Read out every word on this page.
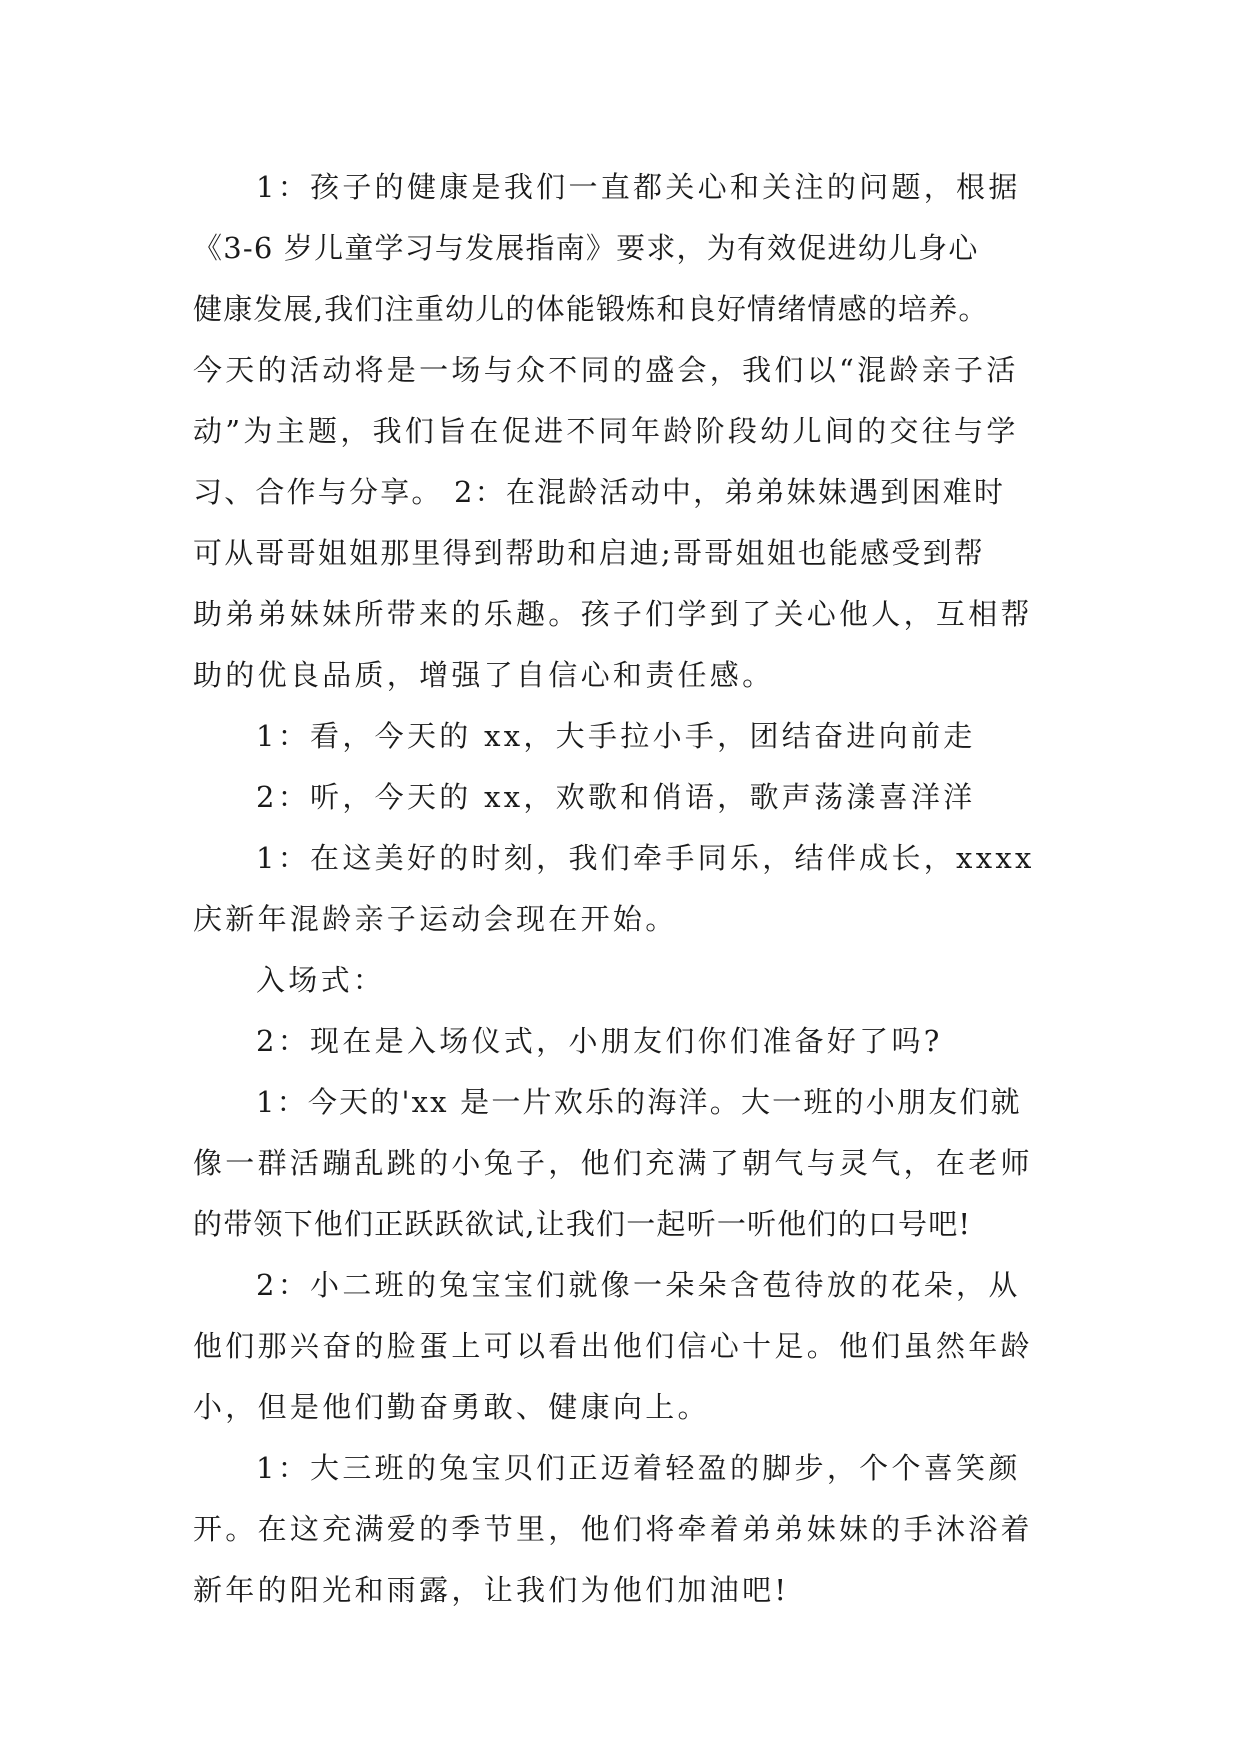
1：孩子的健康是我们一直都关心和关注的问题，根据
《3-6 岁儿童学习与发展指南》要求，为有效促进幼儿身心
健康发展,我们注重幼儿的体能锻炼和良好情绪情感的培养。
今天的活动将是一场与众不同的盛会，我们以“混龄亲子活
动”为主题，我们旨在促进不同年龄阶段幼儿间的交往与学
习、合作与分享。 2：在混龄活动中，弟弟妹妹遇到困难时
可从哥哥姐姐那里得到帮助和启迪;哥哥姐姐也能感受到帮
助弟弟妹妹所带来的乐趣。孩子们学到了关心他人，互相帮
助的优良品质，增强了自信心和责任感。
1：看，今天的 xx，大手拉小手，团结奋进向前走
2：听，今天的 xx，欢歌和俏语，歌声荡漾喜洋洋
1：在这美好的时刻，我们牵手同乐，结伴成长，xxxx
庆新年混龄亲子运动会现在开始。
入场式：
2：现在是入场仪式，小朋友们你们准备好了吗?
1：今天的'xx 是一片欢乐的海洋。大一班的小朋友们就
像一群活蹦乱跳的小兔子，他们充满了朝气与灵气，在老师
的带领下他们正跃跃欲试,让我们一起听一听他们的口号吧!
2：小二班的兔宝宝们就像一朵朵含苞待放的花朵，从
他们那兴奋的脸蛋上可以看出他们信心十足。他们虽然年龄
小，但是他们勤奋勇敢、健康向上。
1：大三班的兔宝贝们正迈着轻盈的脚步，个个喜笑颜
开。在这充满爱的季节里，他们将牵着弟弟妹妹的手沐浴着
新年的阳光和雨露，让我们为他们加油吧!
